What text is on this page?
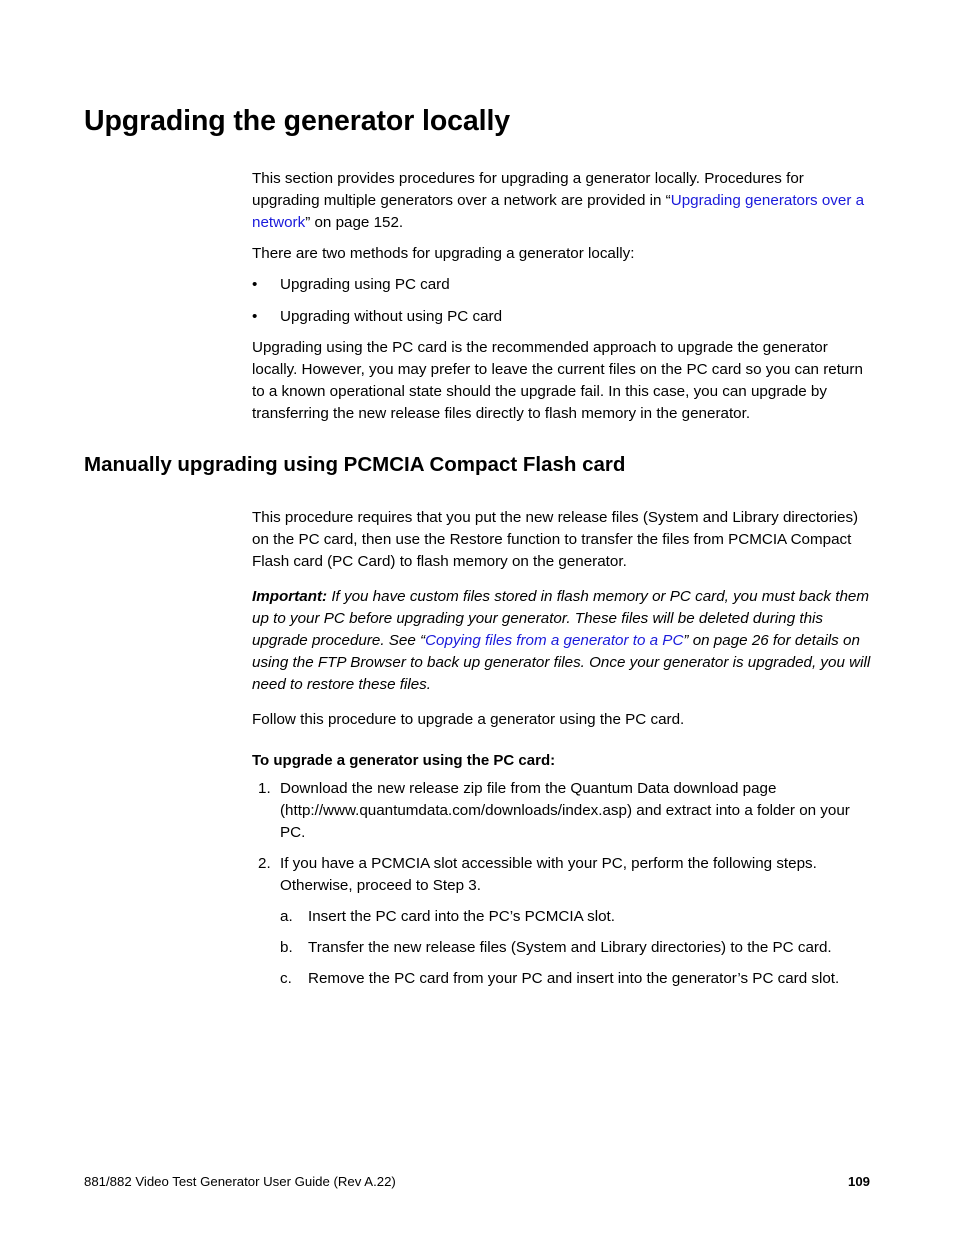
Upgrading the generator locally

This section provides procedures for upgrading a generator locally. Procedures for upgrading multiple generators over a network are provided in “Upgrading generators over a network” on page 152.

There are two methods for upgrading a generator locally:

• Upgrading using PC card
• Upgrading without using PC card

Upgrading using the PC card is the recommended approach to upgrade the generator locally. However, you may prefer to leave the current files on the PC card so you can return to a known operational state should the upgrade fail. In this case, you can upgrade by transferring the new release files directly to flash memory in the generator.

Manually upgrading using PCMCIA Compact Flash card

This procedure requires that you put the new release files (System and Library directories) on the PC card, then use the Restore function to transfer the files from PCMCIA Compact Flash card (PC Card) to flash memory on the generator.

Important: If you have custom files stored in flash memory or PC card, you must back them up to your PC before upgrading your generator. These files will be deleted during this upgrade procedure. See “Copying files from a generator to a PC” on page 26 for details on using the FTP Browser to back up generator files. Once your generator is upgraded, you will need to restore these files.

Follow this procedure to upgrade a generator using the PC card.

To upgrade a generator using the PC card:
1. Download the new release zip file from the Quantum Data download page (http://www.quantumdata.com/downloads/index.asp) and extract into a folder on your PC.
2. If you have a PCMCIA slot accessible with your PC, perform the following steps. Otherwise, proceed to Step 3.
a. Insert the PC card into the PC’s PCMCIA slot.
b. Transfer the new release files (System and Library directories) to the PC card.
c. Remove the PC card from your PC and insert into the generator’s PC card slot.
881/882 Video Test Generator User Guide (Rev A.22)	109
